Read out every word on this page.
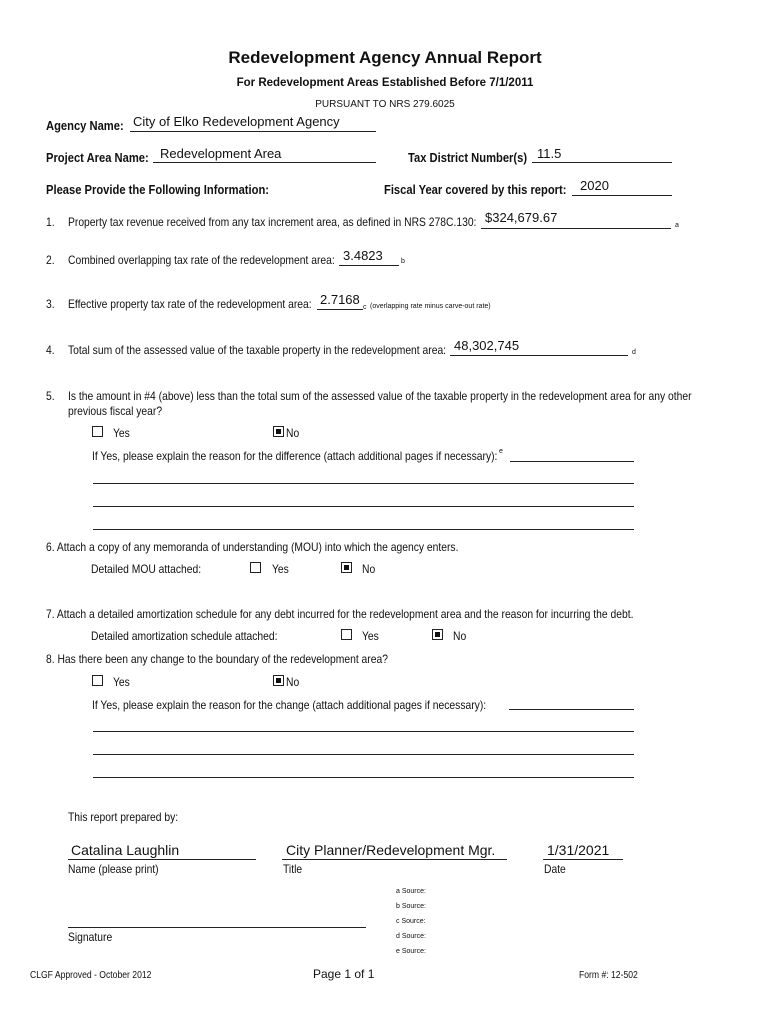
Redevelopment Agency Annual Report
For Redevelopment Areas Established Before 7/1/2011
PURSUANT TO NRS 279.6025
Agency Name: City of Elko Redevelopment Agency
Project Area Name: Redevelopment Area	Tax District Number(s) 11.5
Please Provide the Following Information:	Fiscal Year covered by this report: 2020
1. Property tax revenue received from any tax increment area, as defined in NRS 278C.130: $324,679.67
a
2. Combined overlapping tax rate of the redevelopment area: 3.4823	b
3. Effective property tax rate of the redevelopment area: 2.7168
c (overlapping rate minus carve-out rate)
4. Total sum of the assessed value of the taxable property in the redevelopment area: 48,302,745	d
5. Is the amount in #4 (above) less than the total sum of the assessed value of the taxable property in the redevelopment area for any other
previous fiscal year?
Yes	No
If Yes, please explain the reason for the difference (attach additional pages if necessary): e
6. Attach a copy of any memoranda of understanding (MOU) into which the agency enters.
Detailed MOU attached:	Yes	No
7. Attach a detailed amortization schedule for any debt incurred for the redevelopment area and the reason for incurring the debt.
Detailed amortization schedule attached:	Yes	No
8. Has there been any change to the boundary of the redevelopment area?
Yes	No
If Yes, please explain the reason for the change (attach additional pages if necessary):
This report prepared by:
Catalina Laughlin
Name (please print)
City Planner/Redevelopment Mgr.
Title
1/31/2021
Date
Signature
a Source:
b Source:
c Source:
d Source:
e Source:
CLGF Approved - October 2012	Page 1 of 1	Form #: 12-502
